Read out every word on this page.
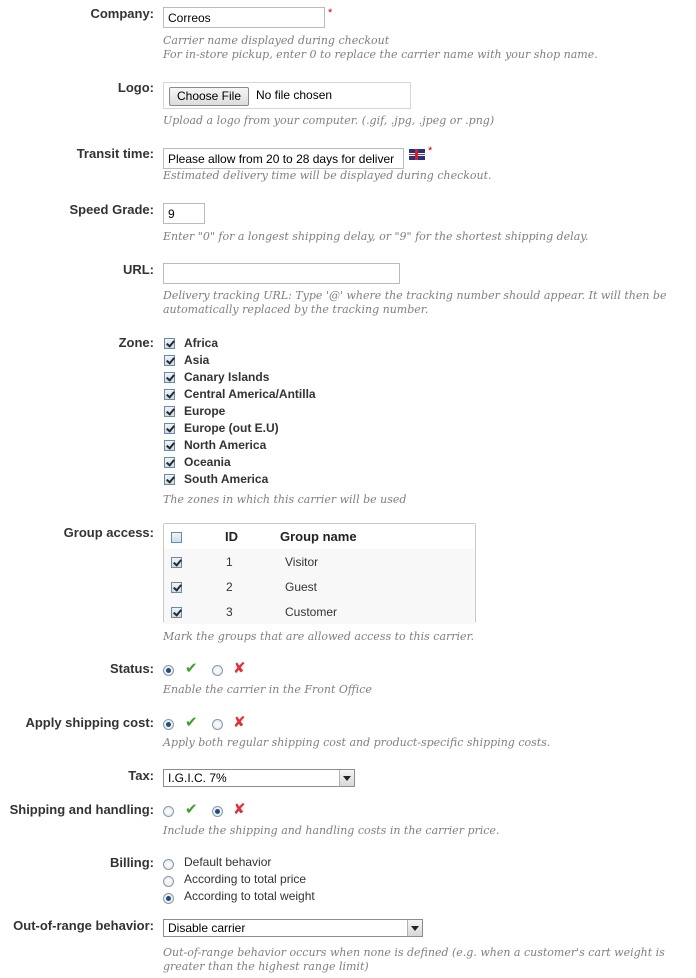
Company:
Correos	*
Carrier name displayed during checkout
For in-store pickup, enter 0 to replace the carrier name with your shop name.
Logo:
Choose File	No file chosen
Upload a logo from your computer. (.gif, .jpg, .jpeg or .png)
Transit time:
Please allow from 20 to 28 days for deliver	*
Estimated delivery time will be displayed during checkout.
Speed Grade:
9
Enter "0" for a longest shipping delay, or "9" for the shortest shipping delay.
URL:
Delivery tracking URL: Type '@' where the tracking number should appear. It will then be
automatically replaced by the tracking number.
Zone:	Africa
Asia
Canary Islands
Central America/Antilla
Europe
Europe (out E.U)
North America
Oceania
South America
The zones in which this carrier will be used
Group access:	ID	Group name
1	Visitor
2	Guest
3	Customer
Mark the groups that are allowed access to this carrier.
Status: ✔ ✘
Enable the carrier in the Front Office
Apply shipping cost: ✔ ✘
Apply both regular shipping cost and product-specific shipping costs.
Tax: I.G.I.C. 7%
Shipping and handling: ✔ ✘
Include the shipping and handling costs in the carrier price.
Billing:	Default behavior
According to total price
According to total weight
Out-of-range behavior: Disable carrier
Out-of-range behavior occurs when none is defined (e.g. when a customer's cart weight is
greater than the highest range limit)
